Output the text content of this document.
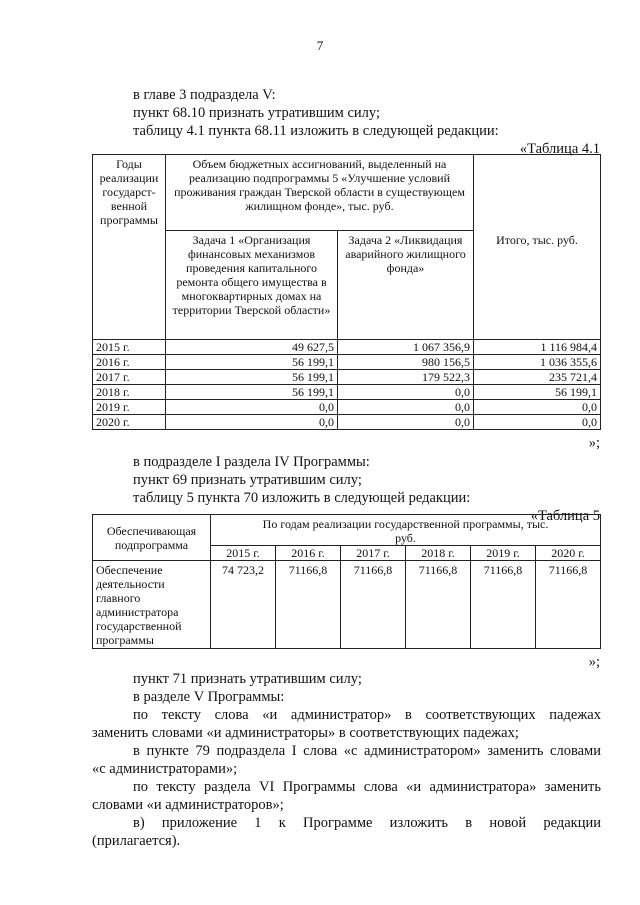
7
в главе 3 подраздела V:
пункт 68.10 признать утратившим силу;
таблицу 4.1 пункта 68.11 изложить в следующей редакции:
«Таблица 4.1
Годы реализации государст-венной программы	Объем бюджетных ассигнований, выделенный на реализацию подпрограммы 5 «Улучшение условий проживания граждан Тверской области в существующем жилищном фонде», тыс. руб.		Итого, тыс. руб.
	Задача 1 «Организация финансовых механизмов проведения капитального ремонта общего имущества в многоквартирных домах на территории Тверской области»	Задача 2 «Ликвидация аварийного жилищного фонда»	
2015 г.	49 627,5	1 067 356,9	1 116 984,4
2016 г.	56 199,1	980 156,5	1 036 355,6
2017 г.	56 199,1	179 522,3	235 721,4
2018 г.	56 199,1	0,0	56 199,1
2019 г.	0,0	0,0	0,0
2020 г.	0,0	0,0	0,0
»;
в подразделе I раздела IV Программы:
пункт 69 признать утратившим силу;
таблицу 5 пункта 70 изложить в следующей редакции:
«Таблица 5
Обеспечивающая подпрограмма	По годам реализации государственной программы, тыс. руб.					
	2015 г.	2016 г.	2017 г.	2018 г.	2019 г.	2020 г.
Обеспечение деятельности главного администратора государственной программы	74 723,2	71166,8	71166,8	71166,8	71166,8	71166,8
»;
пункт 71 признать утратившим силу;
в разделе V Программы:
по тексту слова «и администратор» в соответствующих падежах
заменить словами «и администраторы» в соответствующих падежах;
в пункте 79 подраздела I слова «с администратором» заменить словами
«с администраторами»;
по тексту раздела VI Программы слова «и администратора» заменить
словами «и администраторов»;
в) приложение 1 к Программе изложить в новой редакции
(прилагается).
